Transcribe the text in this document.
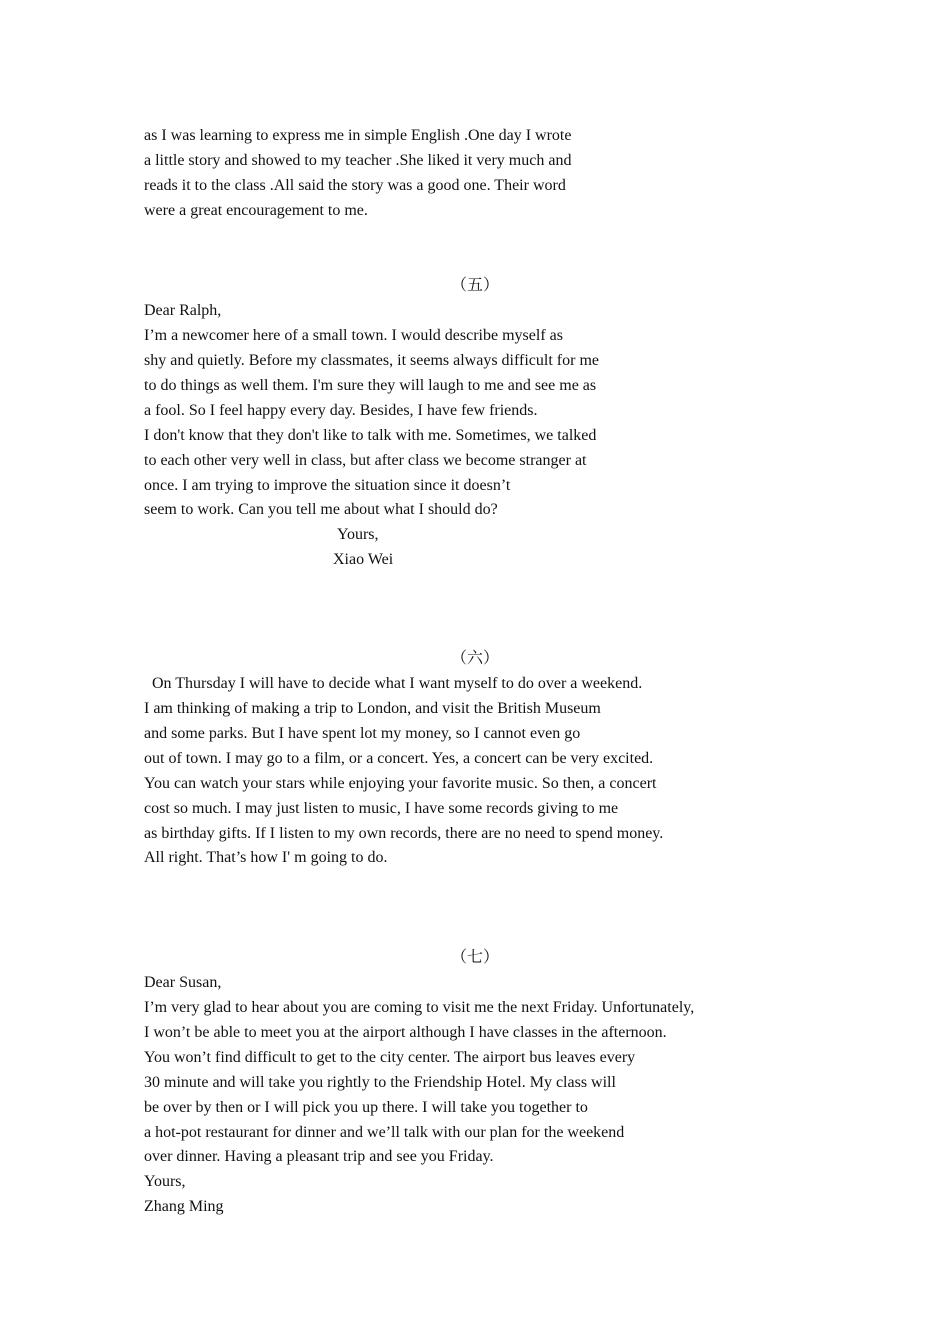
as I was learning to express me in simple English .One day I wrote
a little story and showed to my teacher .She liked it very much and
reads it to the class .All said the story was a good one. Their word
were a great encouragement to me.
（五）
Dear Ralph,
I’m a newcomer here of a small town. I would describe myself as
shy and quietly. Before my classmates, it seems always difficult for me
to do things as well them. I'm sure they will laugh to me and see me as
a fool. So I feel happy every day. Besides, I have few friends.
I don't know that they don't like to talk with me. Sometimes, we talked
to each other very well in class, but after class we become stranger at
once. I am trying to improve the situation since it doesn’t
seem to work. Can you tell me about what I should do?
Yours,
Xiao Wei
（六）
On Thursday I will have to decide what I want myself to do over a weekend.
I am thinking of making a trip to London, and visit the British Museum
and some parks. But I have spent lot my money, so I cannot even go
out of town. I may go to a film, or a concert. Yes, a concert can be very excited.
You can watch your stars while enjoying your favorite music. So then, a concert
cost so much. I may just listen to music, I have some records giving to me
as birthday gifts. If I listen to my own records, there are no need to spend money.
All right. That’s how I' m going to do.
（七）
Dear Susan,
I’m very glad to hear about you are coming to visit me the next Friday. Unfortunately,
I won’t be able to meet you at the airport although I have classes in the afternoon.
You won’t find difficult to get to the city center. The airport bus leaves every
30 minute and will take you rightly to the Friendship Hotel. My class will
be over by then or I will pick you up there. I will take you together to
a hot-pot restaurant for dinner and we’ll talk with our plan for the weekend
over dinner. Having a pleasant trip and see you Friday.
Yours,
Zhang Ming
